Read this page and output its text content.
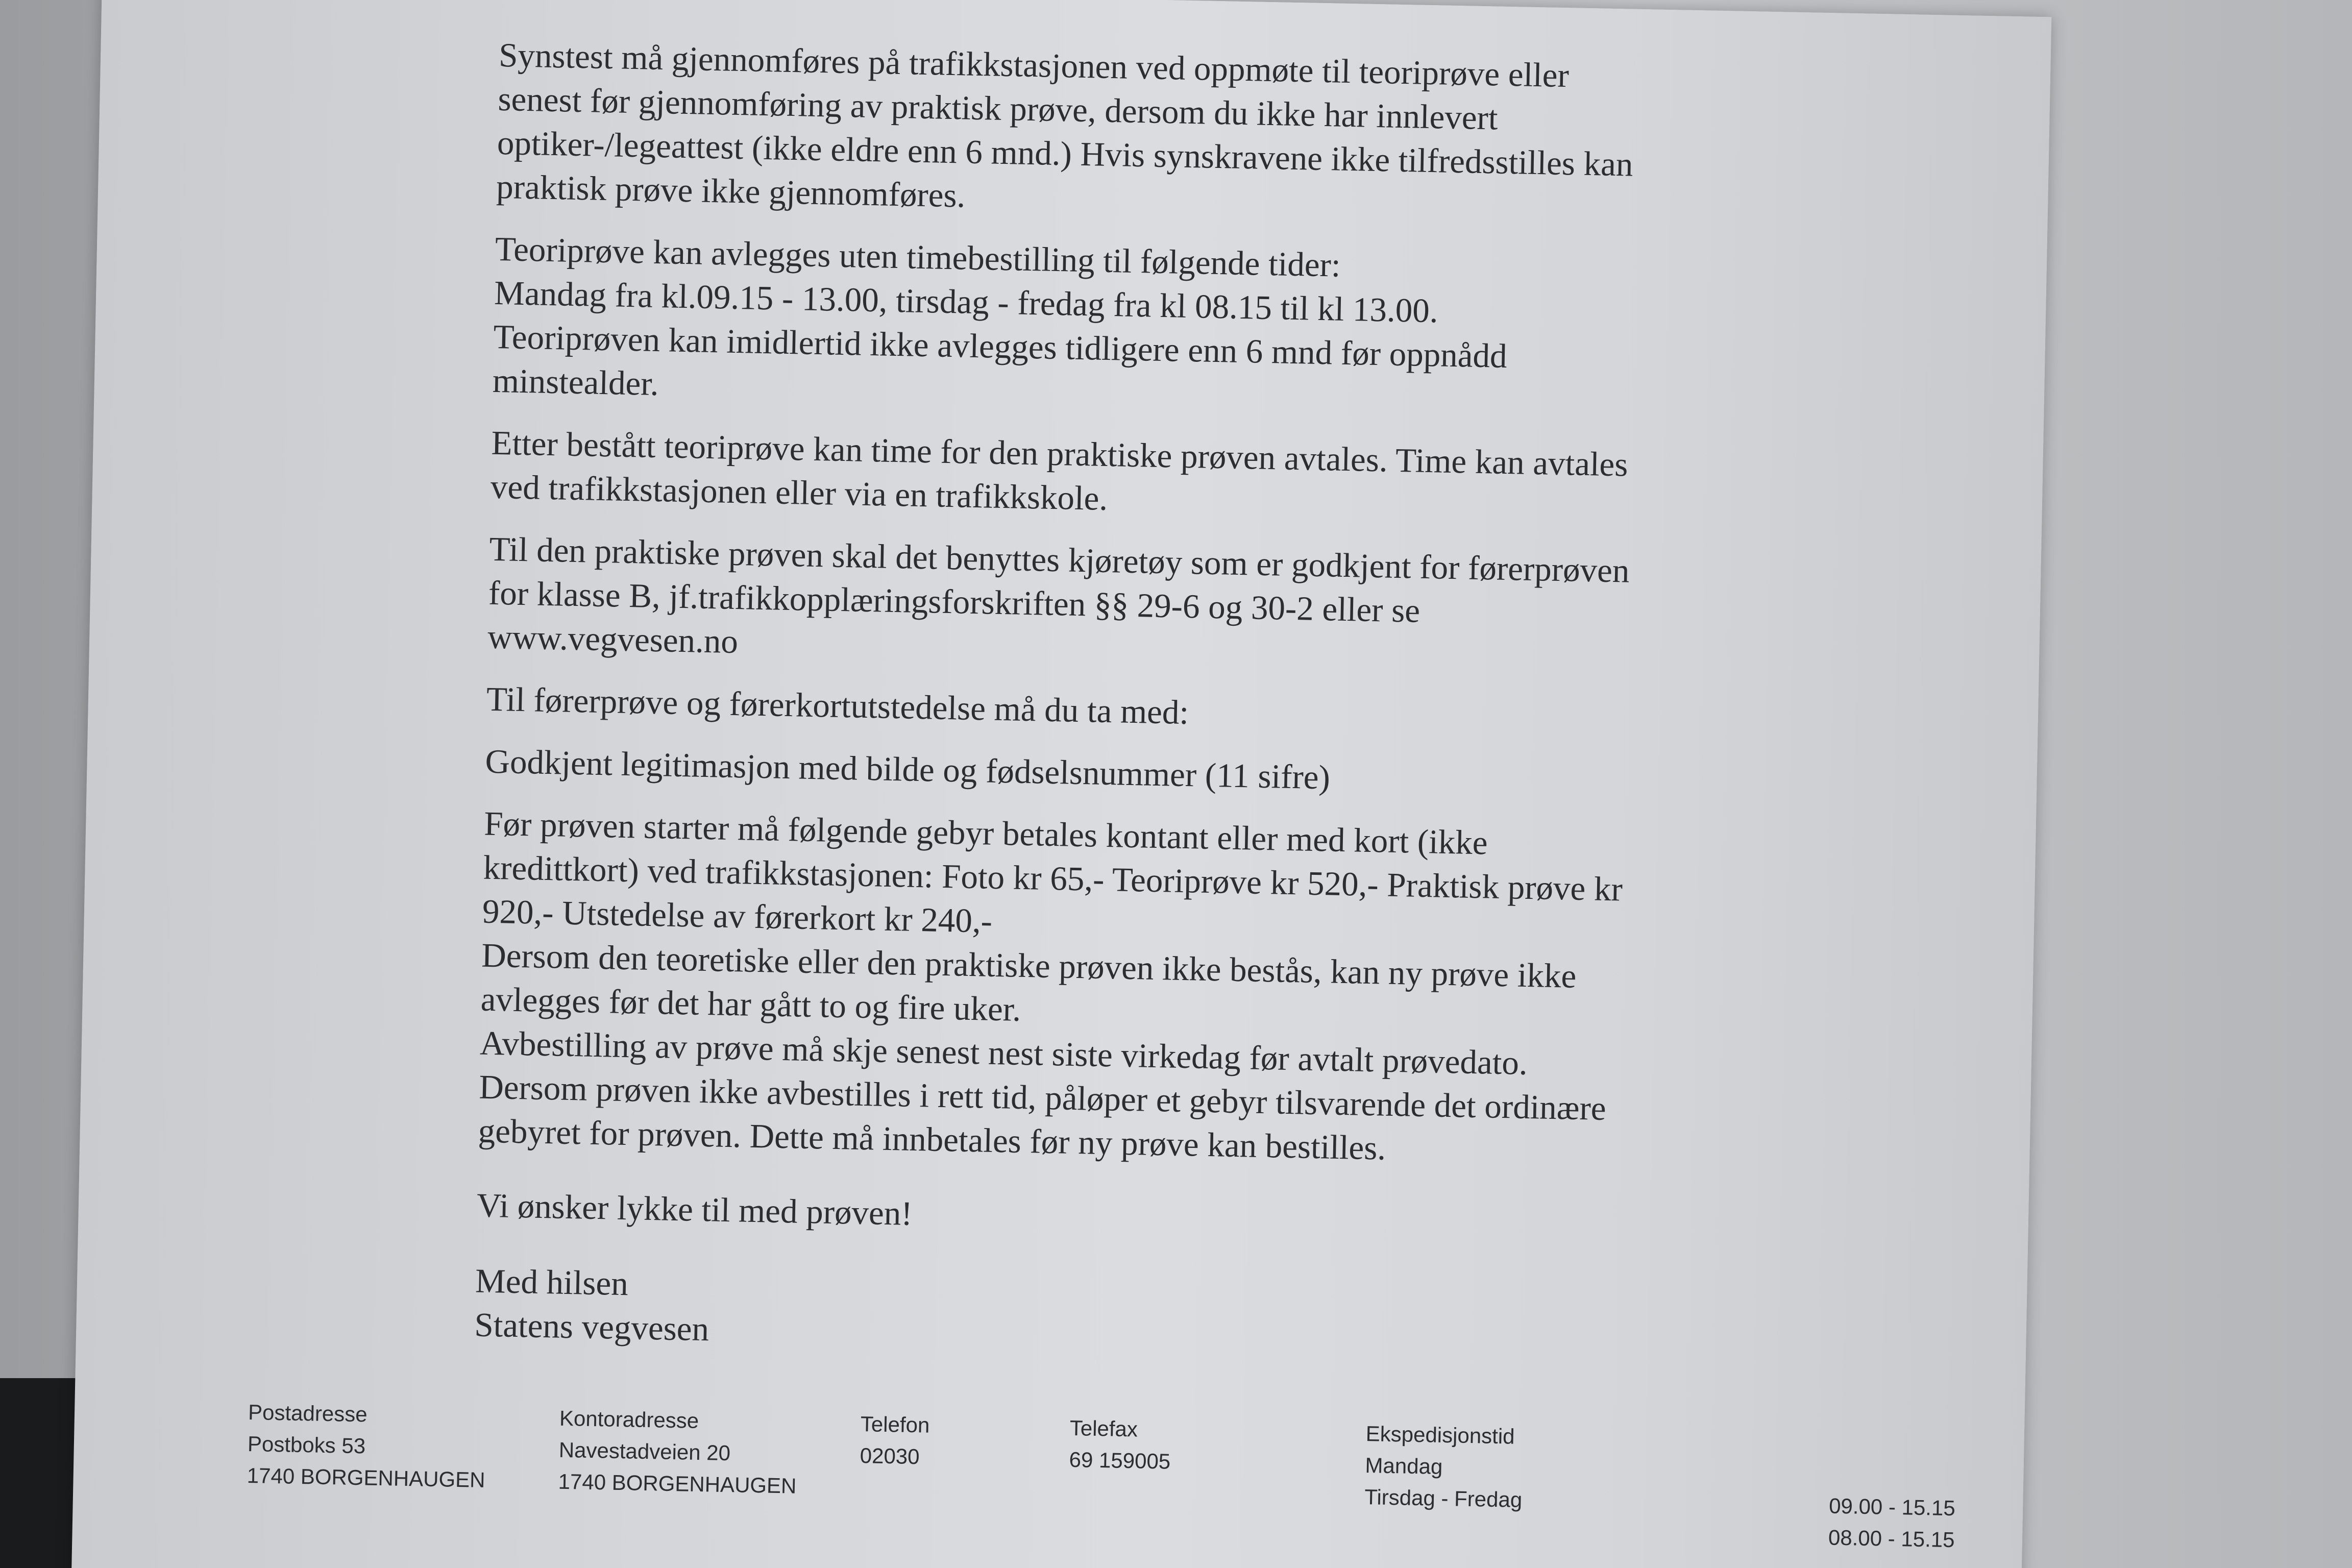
Synstest må gjennomføres på trafikkstasjonen ved oppmøte til teoriprøve eller
senest før gjennomføring av praktisk prøve, dersom du ikke har innlevert
optiker-/legeattest (ikke eldre enn 6 mnd.) Hvis synskravene ikke tilfredsstilles kan
praktisk prøve ikke gjennomføres.

Teoriprøve kan avlegges uten timebestilling til følgende tider:
Mandag fra kl.09.15 - 13.00, tirsdag - fredag fra kl 08.15 til kl 13.00.
Teoriprøven kan imidlertid ikke avlegges tidligere enn 6 mnd før oppnådd
minstealder.

Etter bestått teoriprøve kan time for den praktiske prøven avtales. Time kan avtales
ved trafikkstasjonen eller via en trafikkskole.

Til den praktiske prøven skal det benyttes kjøretøy som er godkjent for førerprøven
for klasse B, jf.trafikkopplæringsforskriften §§ 29-6 og 30-2 eller se
www.vegvesen.no

Til førerprøve og førerkortutstedelse må du ta med:

Godkjent legitimasjon med bilde og fødselsnummer (11 sifre)

Før prøven starter må følgende gebyr betales kontant eller med kort (ikke
kredittkort) ved trafikkstasjonen: Foto kr 65,- Teoriprøve kr 520,- Praktisk prøve kr
920,- Utstedelse av førerkort kr 240,-
Dersom den teoretiske eller den praktiske prøven ikke bestås, kan ny prøve ikke
avlegges før det har gått to og fire uker.
Avbestilling av prøve må skje senest nest siste virkedag før avtalt prøvedato.
Dersom prøven ikke avbestilles i rett tid, påløper et gebyr tilsvarende det ordinære
gebyret for prøven. Dette må innbetales før ny prøve kan bestilles.

Vi ønsker lykke til med prøven!

Med hilsen
Statens vegvesen

Postadresse
Postboks 53
1740 BORGENHAUGEN
Kontoradresse
Navestadveien 20
1740 BORGENHAUGEN
Telefon
02030
Telefax
69 159005
Ekspedisjonstid
Mandag
Tirsdag - Fredag	09.00 - 15.15
08.00 - 15.15
